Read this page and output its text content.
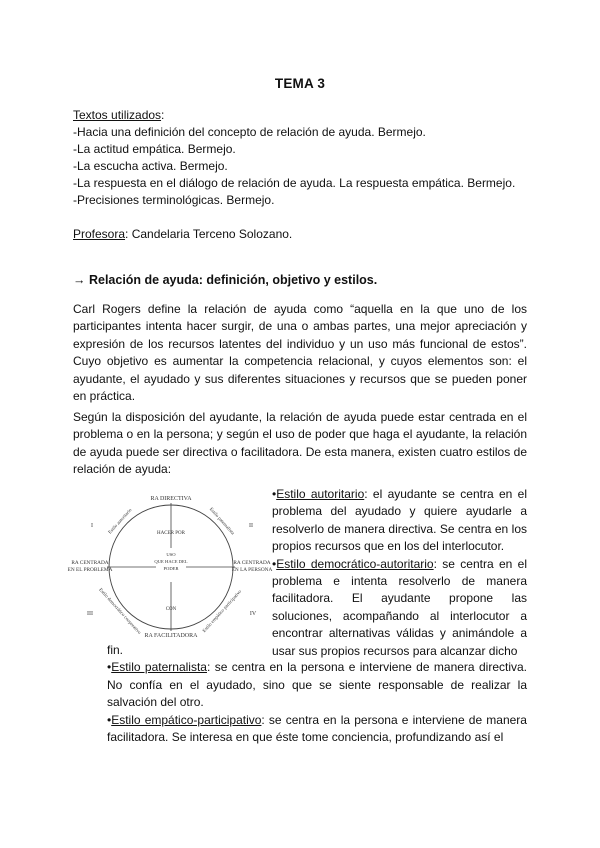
TEMA 3
Textos utilizados:
-Hacia una definición del concepto de relación de ayuda. Bermejo.
-La actitud empática. Bermejo.
-La escucha activa. Bermejo.
-La respuesta en el diálogo de relación de ayuda. La respuesta empática. Bermejo.
-Precisiones terminológicas. Bermejo.
Profesora: Candelaria Terceno Solozano.
→ Relación de ayuda: definición, objetivo y estilos.
Carl Rogers define la relación de ayuda como “aquella en la que uno de los participantes intenta hacer surgir, de una o ambas partes, una mejor apreciación y expresión de los recursos latentes del individuo y un uso más funcional de estos”. Cuyo objetivo es aumentar la competencia relacional, y cuyos elementos son: el ayudante, el ayudado y sus diferentes situaciones y recursos que se pueden poner en práctica.
Según la disposición del ayudante, la relación de ayuda puede estar centrada en el problema o en la persona; y según el uso de poder que haga el ayudante, la relación de ayuda puede ser directiva o facilitadora. De esta manera, existen cuatro estilos de relación de ayuda:
RA DIRECTIVA
RA FACILITADORA
RA CENTRADA
EN EL PROBLEMA
RA CENTRADA
EN LA PERSONA
HACER POR
USO
QUE HACE DEL
PODER
CON
I	II
III	IV
Estilo autoritario	Estilo paternalista
Estilo democrático cooperativo	Estilo empático participativo

•Estilo autoritario: el ayudante se centra en el problema del ayudado y quiere ayudarle a resolverlo de manera directiva. Se centra en los propios recursos que en los del interlocutor.

•Estilo democrático-autoritario: se centra en el problema e intenta resolverlo de manera facilitadora. El ayudante propone las soluciones, acompañando al interlocutor a encontrar alternativas válidas y animándole a usar sus propios recursos para alcanzar dicho

fin.

•Estilo paternalista: se centra en la persona e interviene de manera directiva. No confía en el ayudado, sino que se siente responsable de realizar la salvación del otro.

•Estilo empático-participativo: se centra en la persona e interviene de manera facilitadora. Se interesa en que éste tome conciencia, profundizando así el
